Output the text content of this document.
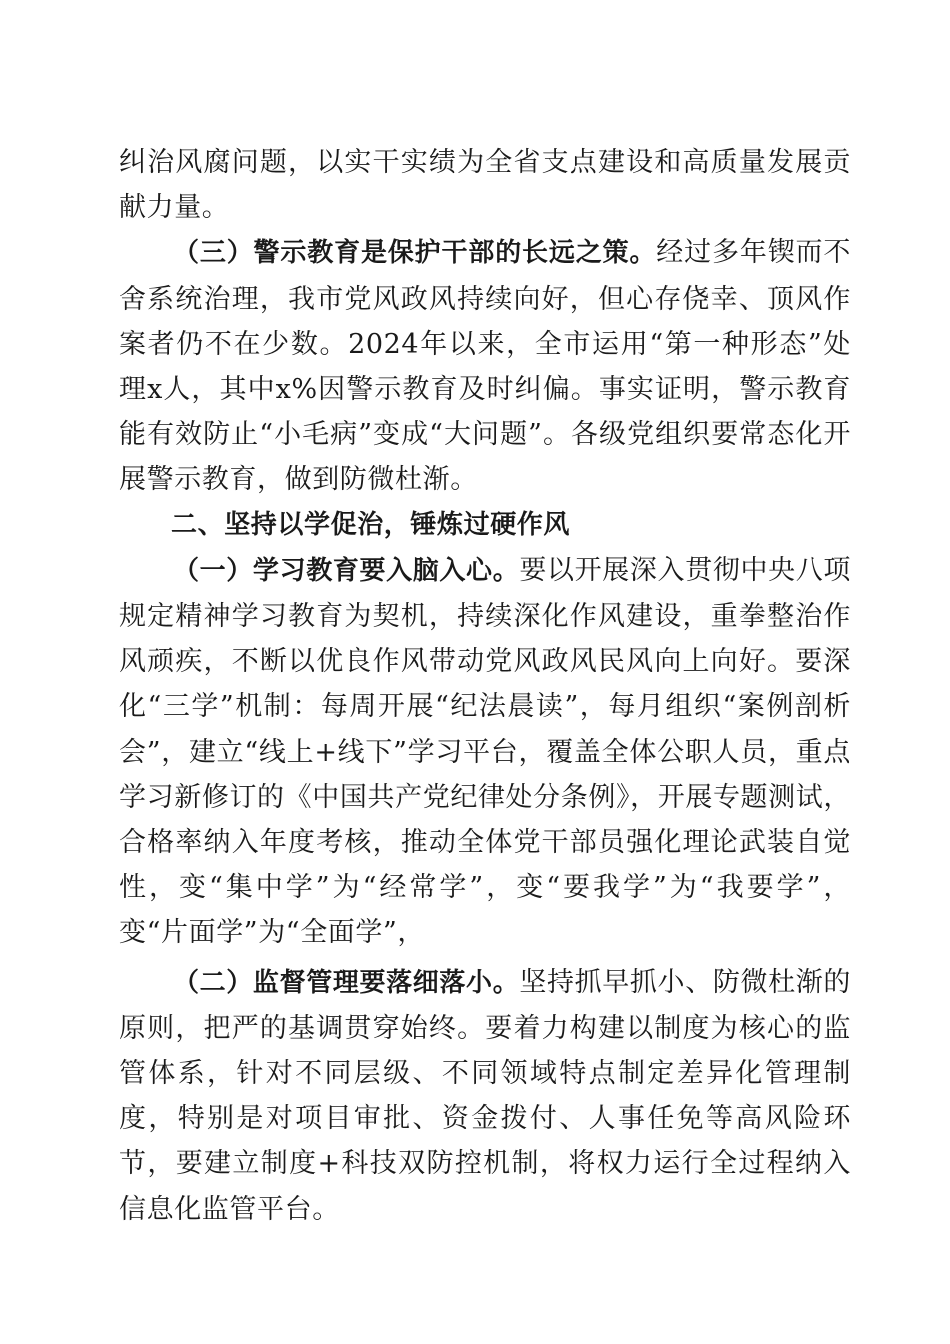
纠治风腐问题，以实干实绩为全省支点建设和高质量发展贡献力量。

（三）警示教育是保护干部的长远之策。经过多年锲而不舍系统治理，我市党风政风持续向好，但心存侥幸、顶风作案者仍不在少数。2024年以来，全市运用“第一种形态”处理x人，其中x%因警示教育及时纠偏。事实证明，警示教育能有效防止“小毛病”变成“大问题”。各级党组织要常态化开展警示教育，做到防微杜渐。

二、坚持以学促治，锤炼过硬作风

（一）学习教育要入脑入心。要以开展深入贯彻中央八项规定精神学习教育为契机，持续深化作风建设，重拳整治作风顽疾，不断以优良作风带动党风政风民风向上向好。要深化“三学”机制：每周开展“纪法晨读”，每月组织“案例剖析会”，建立“线上+线下”学习平台，覆盖全体公职人员，重点学习新修订的《中国共产党纪律处分条例》，开展专题测试，合格率纳入年度考核，推动全体党干部员强化理论武装自觉性，变“集中学”为“经常学”，变“要我学”为“我要学”，变“片面学”为“全面学”，

（二）监督管理要落细落小。坚持抓早抓小、防微杜渐的原则，把严的基调贯穿始终。要着力构建以制度为核心的监管体系，针对不同层级、不同领域特点制定差异化管理制度，特别是对项目审批、资金拨付、人事任免等高风险环节，要建立制度+科技双防控机制，将权力运行全过程纳入信息化监管平台。
